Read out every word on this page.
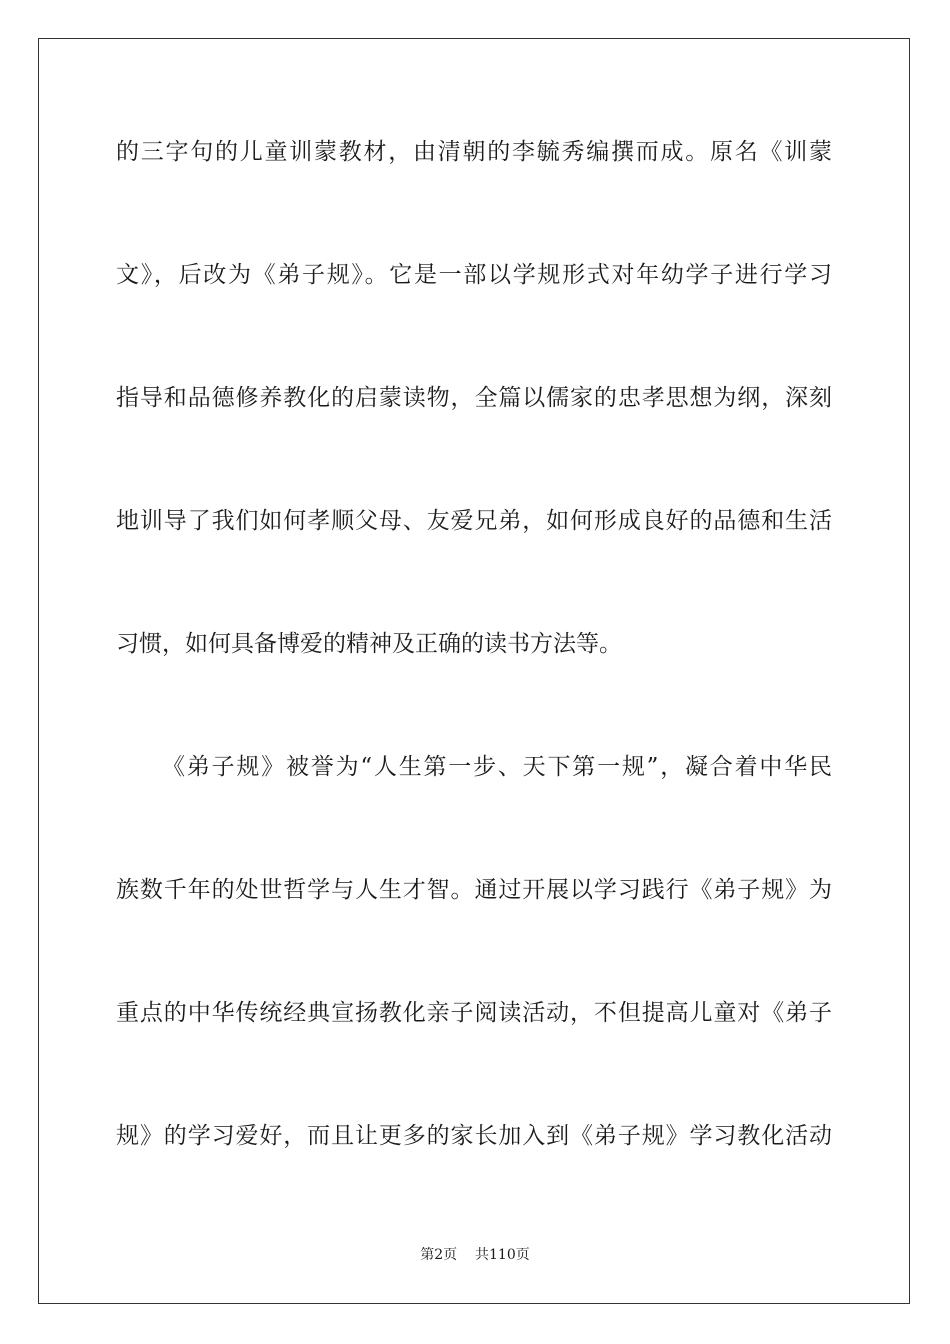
的三字句的儿童训蒙教材，由清朝的李毓秀编撰而成。原名《训蒙
文》，后改为《弟子规》。它是一部以学规形式对年幼学子进行学习
指导和品德修养教化的启蒙读物，全篇以儒家的忠孝思想为纲，深刻
地训导了我们如何孝顺父母、友爱兄弟，如何形成良好的品德和生活
习惯，如何具备博爱的精神及正确的读书方法等。
《弟子规》被誉为“人生第一步、天下第一规”，凝合着中华民
族数千年的处世哲学与人生才智。通过开展以学习践行《弟子规》为
重点的中华传统经典宣扬教化亲子阅读活动，不但提高儿童对《弟子
规》的学习爱好，而且让更多的家长加入到《弟子规》学习教化活动
第2页 共110页
